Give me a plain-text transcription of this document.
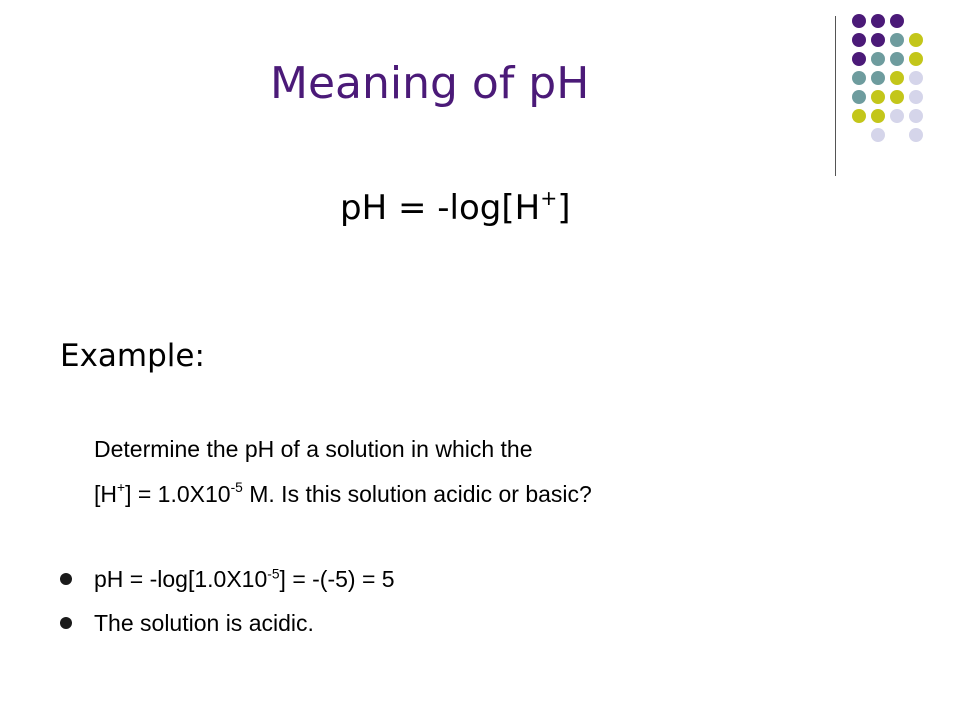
Meaning of pH
pH = -log[H+]
Example:
Determine the pH of a solution in which the
$[H^+] = 1.0X10^{-5}$ M. Is this solution acidic or basic?
pH = $-\log[1.0X10^{-5}] = -(-5) = 5$
The solution is acidic.
